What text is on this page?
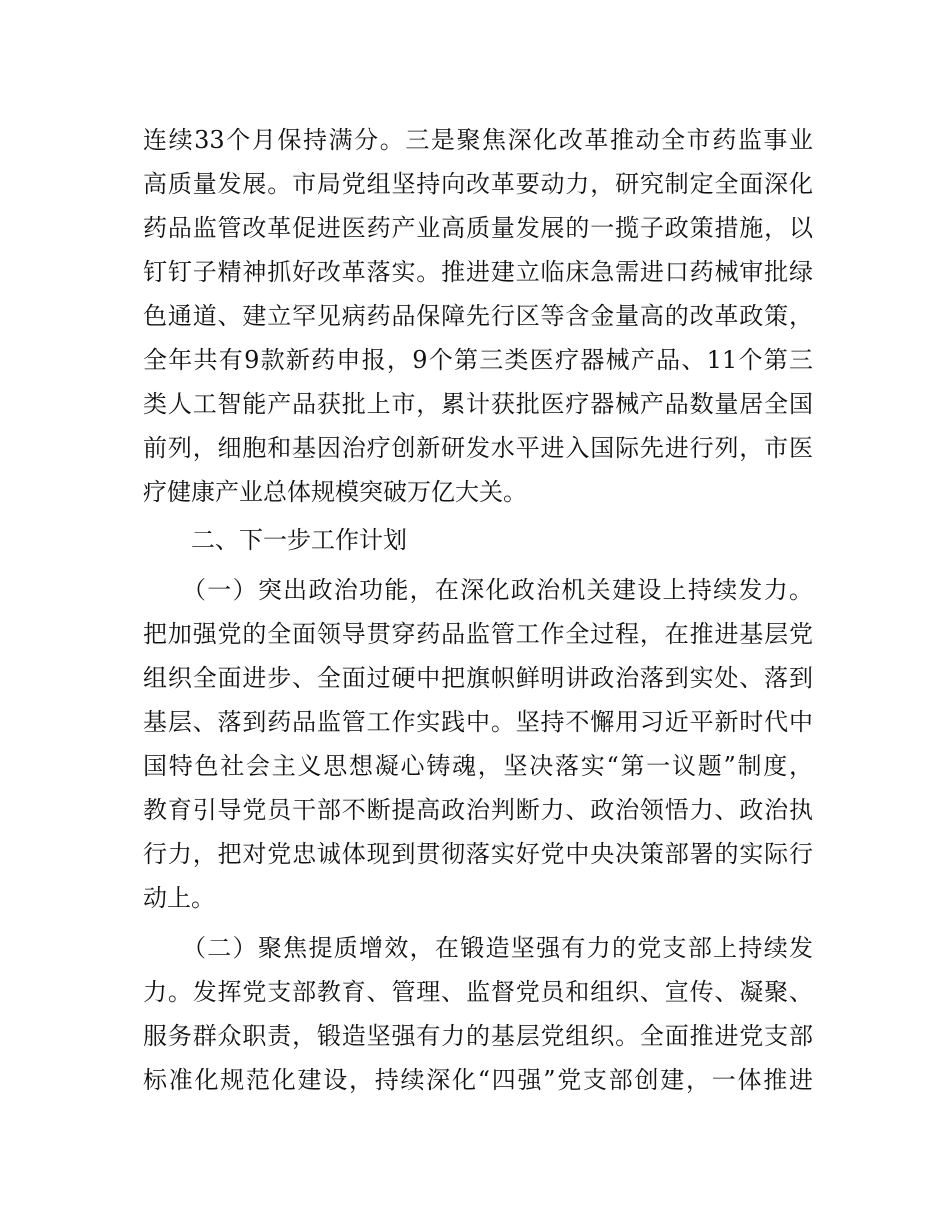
连续33个月保持满分。三是聚焦深化改革推动全市药监事业
高质量发展。市局党组坚持向改革要动力，研究制定全面深化
药品监管改革促进医药产业高质量发展的一揽子政策措施，以
钉钉子精神抓好改革落实。推进建立临床急需进口药械审批绿
色通道、建立罕见病药品保障先行区等含金量高的改革政策，
全年共有9款新药申报，9个第三类医疗器械产品、11个第三
类人工智能产品获批上市，累计获批医疗器械产品数量居全国
前列，细胞和基因治疗创新研发水平进入国际先进行列，市医
疗健康产业总体规模突破万亿大关。
二、下一步工作计划
（一）突出政治功能，在深化政治机关建设上持续发力。
把加强党的全面领导贯穿药品监管工作全过程，在推进基层党
组织全面进步、全面过硬中把旗帜鲜明讲政治落到实处、落到
基层、落到药品监管工作实践中。坚持不懈用习近平新时代中
国特色社会主义思想凝心铸魂，坚决落实“第一议题”制度，
教育引导党员干部不断提高政治判断力、政治领悟力、政治执
行力，把对党忠诚体现到贯彻落实好党中央决策部署的实际行
动上。
（二）聚焦提质增效，在锻造坚强有力的党支部上持续发
力。发挥党支部教育、管理、监督党员和组织、宣传、凝聚、
服务群众职责，锻造坚强有力的基层党组织。全面推进党支部
标准化规范化建设，持续深化“四强”党支部创建，一体推进
